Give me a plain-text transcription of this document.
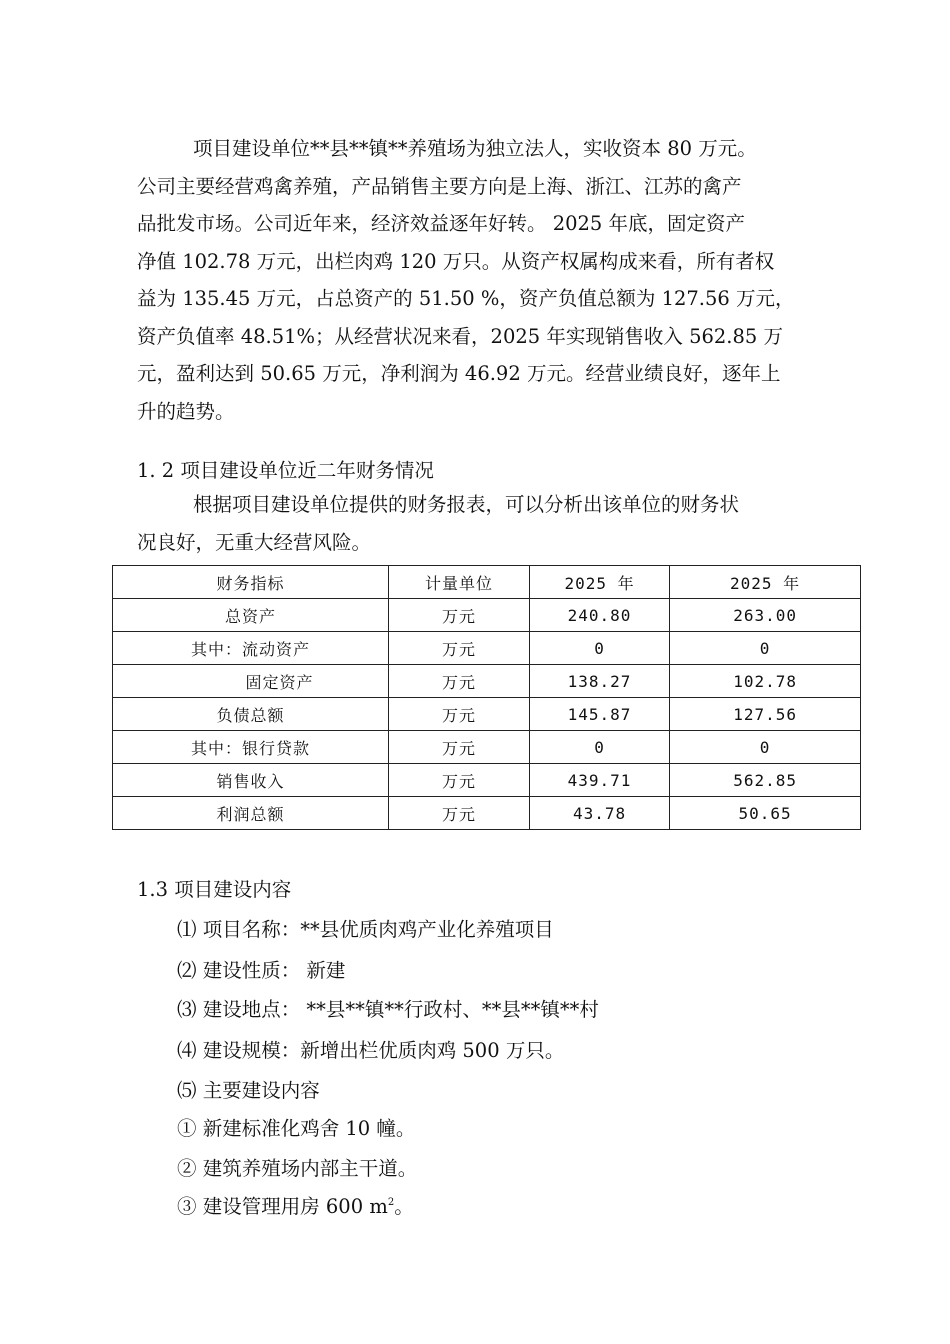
项目建设单位**县**镇**养殖场为独立法人，实收资本 80 万元。
公司主要经营鸡禽养殖，产品销售主要方向是上海、浙江、江苏的禽产
品批发市场。公司近年来，经济效益逐年好转。 2025 年底，固定资产
净值 102.78 万元，出栏肉鸡 120 万只。从资产权属构成来看，所有者权
益为 135.45 万元，占总资产的 51.50 %，资产负值总额为 127.56 万元，
资产负值率 48.51%；从经营状况来看，2025 年实现销售收入 562.85 万
元，盈利达到 50.65 万元，净利润为 46.92 万元。经营业绩良好，逐年上
升的趋势。

1. 2 项目建设单位近二年财务情况

根据项目建设单位提供的财务报表，可以分析出该单位的财务状
况良好，无重大经营风险。
财务指标	计量单位	2025 年	2025 年
总资产	万元	240.80	263.00
其中：流动资产	万元	0	0
固定资产	万元	138.27	102.78
负债总额	万元	145.87	127.56
其中：银行贷款	万元	0	0
销售收入	万元	439.71	562.85
利润总额	万元	43.78	50.65

1.3 项目建设内容

⑴ 项目名称：**县优质肉鸡产业化养殖项目

⑵ 建设性质： 新建

⑶ 建设地点： **县**镇**行政村、**县**镇**村

⑷ 建设规模：新增出栏优质肉鸡 500 万只。

⑸ 主要建设内容

① 新建标准化鸡舍 10 幢。

② 建筑养殖场内部主干道。

③ 建设管理用房 600 $m^2$。
